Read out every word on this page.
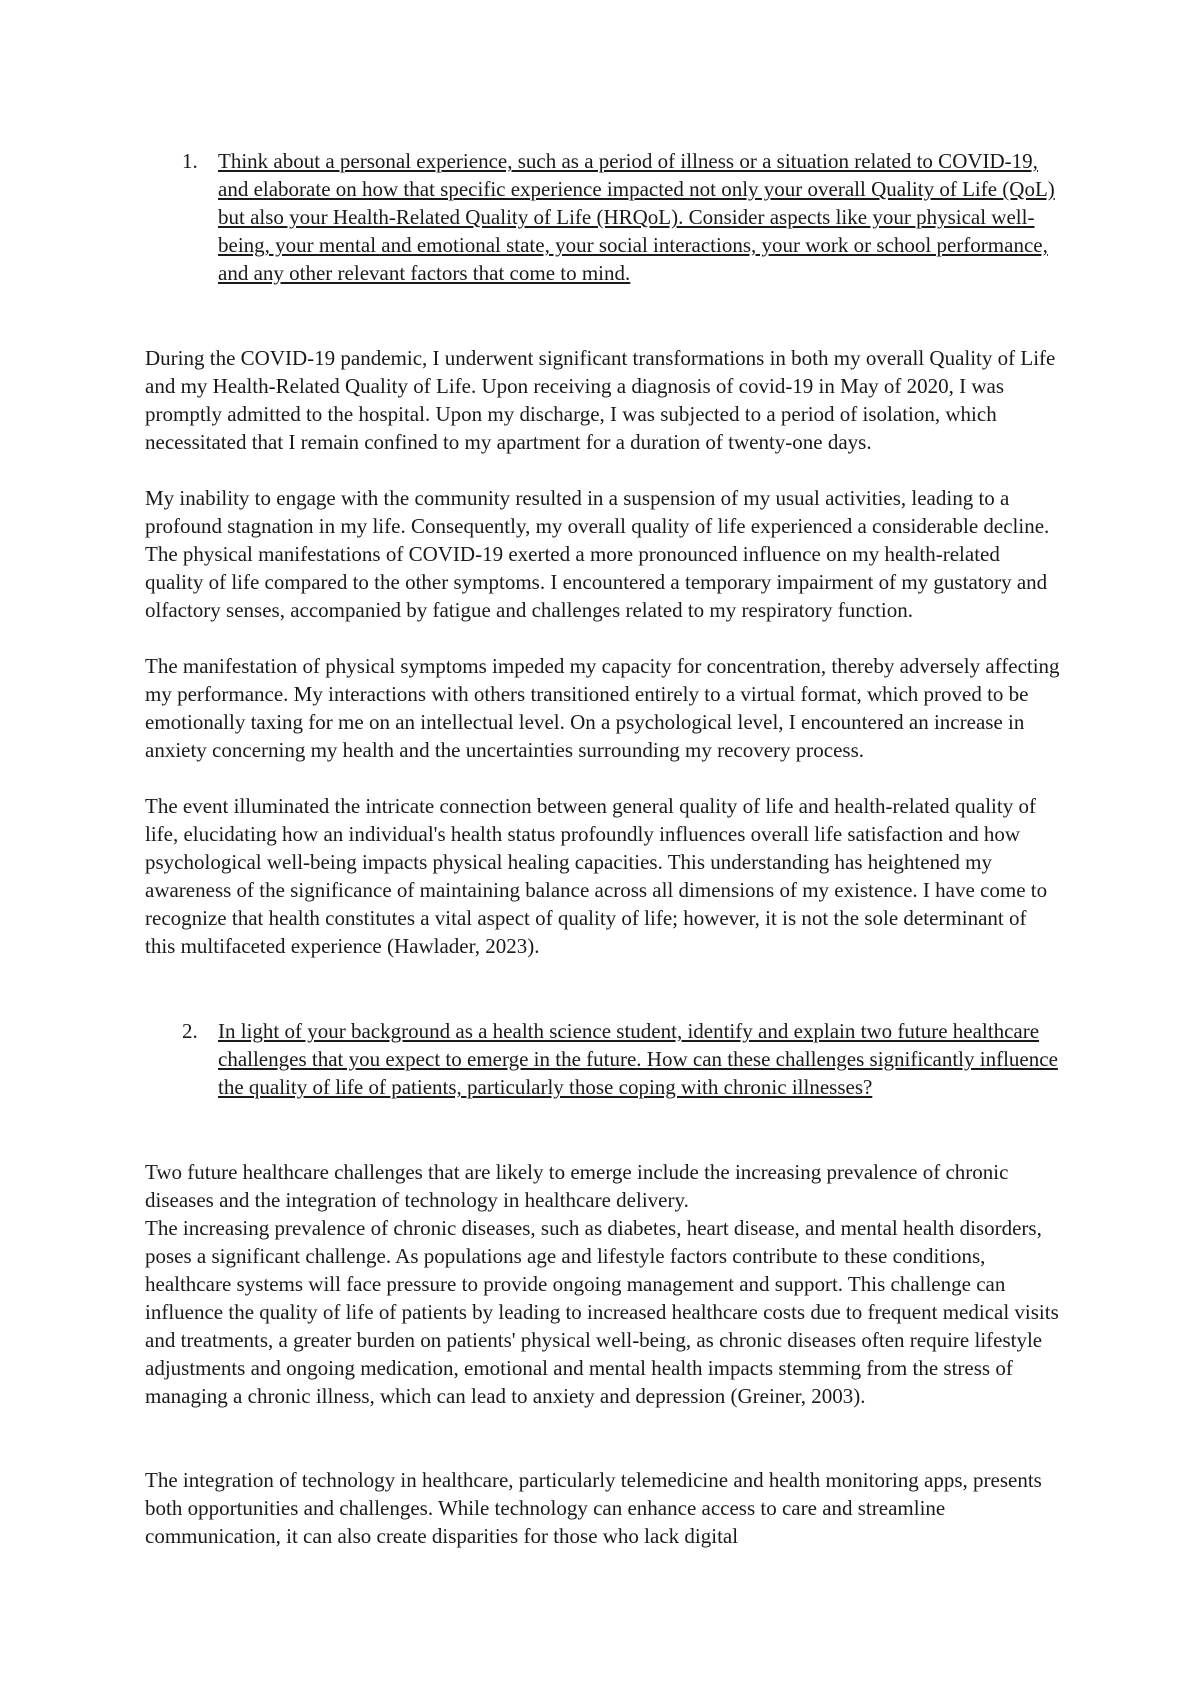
1. Think about a personal experience, such as a period of illness or a situation related to COVID-19, and elaborate on how that specific experience impacted not only your overall Quality of Life (QoL) but also your Health-Related Quality of Life (HRQoL). Consider aspects like your physical well-being, your mental and emotional state, your social interactions, your work or school performance, and any other relevant factors that come to mind.

During the COVID-19 pandemic, I underwent significant transformations in both my overall Quality of Life and my Health-Related Quality of Life. Upon receiving a diagnosis of covid-19 in May of 2020, I was promptly admitted to the hospital. Upon my discharge, I was subjected to a period of isolation, which necessitated that I remain confined to my apartment for a duration of twenty-one days.

My inability to engage with the community resulted in a suspension of my usual activities, leading to a profound stagnation in my life. Consequently, my overall quality of life experienced a considerable decline. The physical manifestations of COVID-19 exerted a more pronounced influence on my health-related quality of life compared to the other symptoms. I encountered a temporary impairment of my gustatory and olfactory senses, accompanied by fatigue and challenges related to my respiratory function.

The manifestation of physical symptoms impeded my capacity for concentration, thereby adversely affecting my performance. My interactions with others transitioned entirely to a virtual format, which proved to be emotionally taxing for me on an intellectual level. On a psychological level, I encountered an increase in anxiety concerning my health and the uncertainties surrounding my recovery process.

The event illuminated the intricate connection between general quality of life and health-related quality of life, elucidating how an individual's health status profoundly influences overall life satisfaction and how psychological well-being impacts physical healing capacities. This understanding has heightened my awareness of the significance of maintaining balance across all dimensions of my existence. I have come to recognize that health constitutes a vital aspect of quality of life; however, it is not the sole determinant of this multifaceted experience (Hawlader, 2023).

2. In light of your background as a health science student, identify and explain two future healthcare challenges that you expect to emerge in the future. How can these challenges significantly influence the quality of life of patients, particularly those coping with chronic illnesses?

Two future healthcare challenges that are likely to emerge include the increasing prevalence of chronic diseases and the integration of technology in healthcare delivery.

The increasing prevalence of chronic diseases, such as diabetes, heart disease, and mental health disorders, poses a significant challenge. As populations age and lifestyle factors contribute to these conditions, healthcare systems will face pressure to provide ongoing management and support. This challenge can influence the quality of life of patients by leading to increased healthcare costs due to frequent medical visits and treatments, a greater burden on patients' physical well-being, as chronic diseases often require lifestyle adjustments and ongoing medication, emotional and mental health impacts stemming from the stress of managing a chronic illness, which can lead to anxiety and depression (Greiner, 2003).

The integration of technology in healthcare, particularly telemedicine and health monitoring apps, presents both opportunities and challenges. While technology can enhance access to care and streamline communication, it can also create disparities for those who lack digital
